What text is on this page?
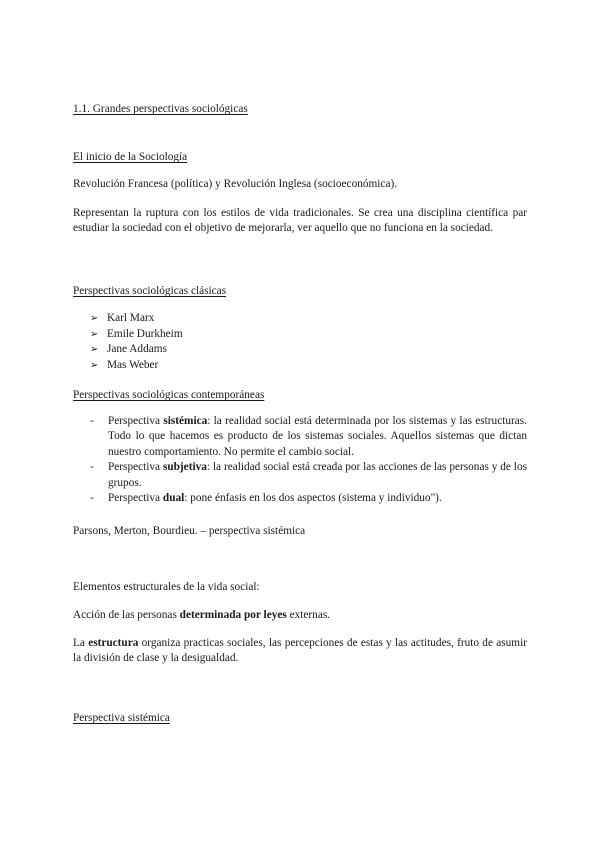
1.1. Grandes perspectivas sociológicas
El inicio de la Sociología
Revolución Francesa (política) y Revolución Inglesa (socioeconómica).
Representan la ruptura con los estilos de vida tradicionales. Se crea una disciplina científica par estudiar la sociedad con el objetivo de mejorarla, ver aquello que no funciona en la sociedad.
Perspectivas sociológicas clásicas
➢ Karl Marx
➢ Emile Durkheim
➢ Jane Addams
➢ Mas Weber
Perspectivas sociológicas contemporáneas
- Perspectiva sistémica: la realidad social está determinada por los sistemas y las estructuras. Todo lo que hacemos es producto de los sistemas sociales. Aquellos sistemas que dictan nuestro comportamiento. No permite el cambio social.
- Perspectiva subjetiva: la realidad social está creada por las acciones de las personas y de los grupos.
- Perspectiva dual: pone énfasis en los dos aspectos (sistema y individuo").
Parsons, Merton, Bourdieu. – perspectiva sistémica
Elementos estructurales de la vida social:
Acción de las personas determinada por leyes externas.
La estructura organiza practicas sociales, las percepciones de estas y las actitudes, fruto de asumir la división de clase y la desigualdad.
Perspectiva sistémica
